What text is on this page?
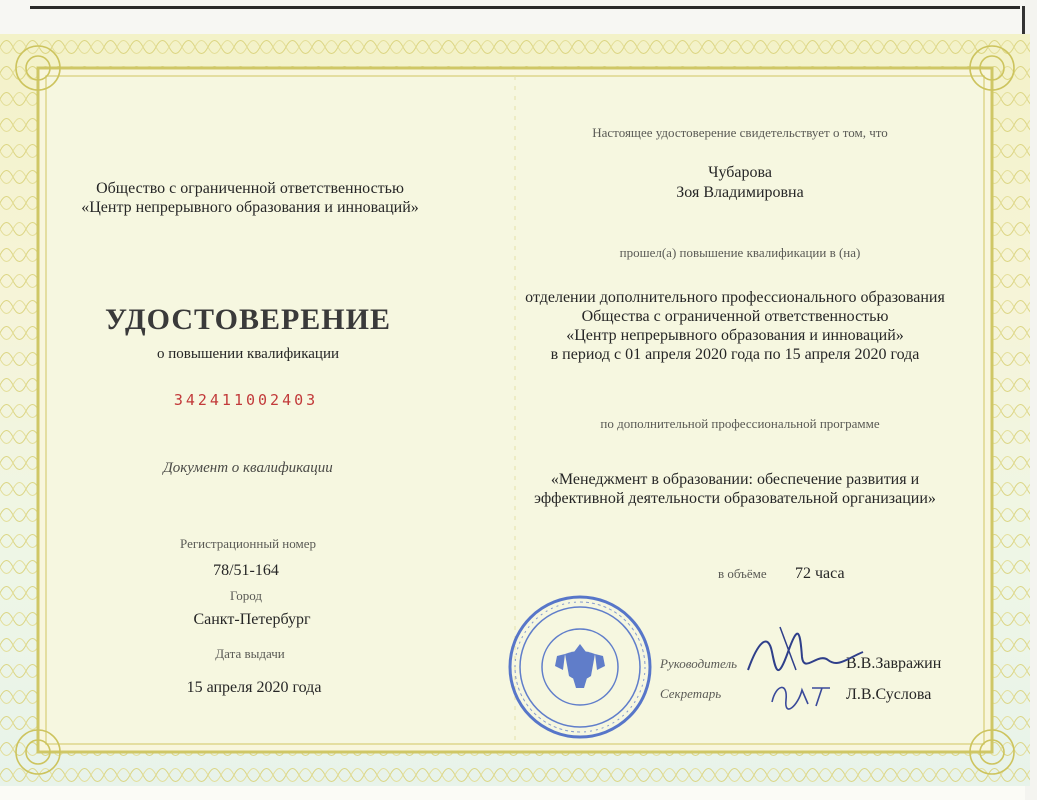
Общество с ограниченной ответственностью
«Центр непрерывного образования и инноваций»
УДОСТОВЕРЕНИЕ
о повышении квалификации
342411002403
Документ о квалификации
Регистрационный номер
78/51-164
Город
Санкт-Петербург
Дата выдачи
15 апреля 2020 года
Настоящее удостоверение свидетельствует о том, что
Чубарова
Зоя Владимировна
прошел(а) повышение квалификации в (на)
отделении дополнительного профессионального образования
Общества с ограниченной ответственностью
«Центр непрерывного образования и инноваций»
в период с 01 апреля 2020 года по 15 апреля 2020 года
по дополнительной профессиональной программе
«Менеджмент в образовании: обеспечение развития и
эффективной деятельности образовательной организации»
в объёме 72 часа
Руководитель	В.В.Завражин
Секретарь	Л.В.Суслова
